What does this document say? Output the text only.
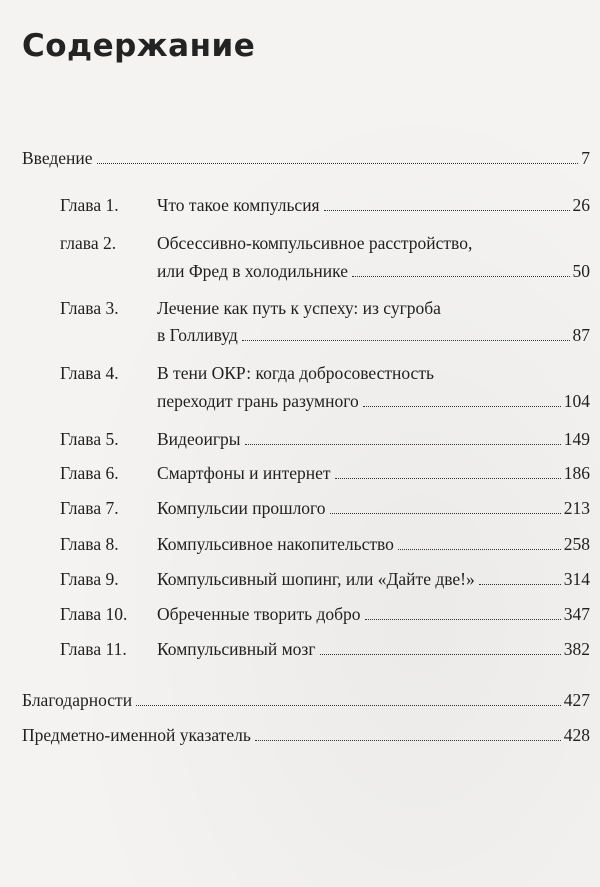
Содержание
Введение	7
Глава 1. Что такое компульсия	26
глава 2. Обсессивно-компульсивное расстройство,
или Фред в холодильнике	50
Глава 3. Лечение как путь к успеху: из сугроба
в Голливуд	87
Глава 4. В тени ОКР: когда добросовестность
переходит грань разумного	104
Глава 5. Видеоигры	149
Глава 6. Смартфоны и интернет	186
Глава 7. Компульсии прошлого	213
Глава 8. Компульсивное накопительство	258
Глава 9. Компульсивный шопинг, или «Дайте две!»	314
Глава 10. Обреченные творить добро	347
Глава 11. Компульсивный мозг	382
Благодарности	427
Предметно-именной указатель	428
